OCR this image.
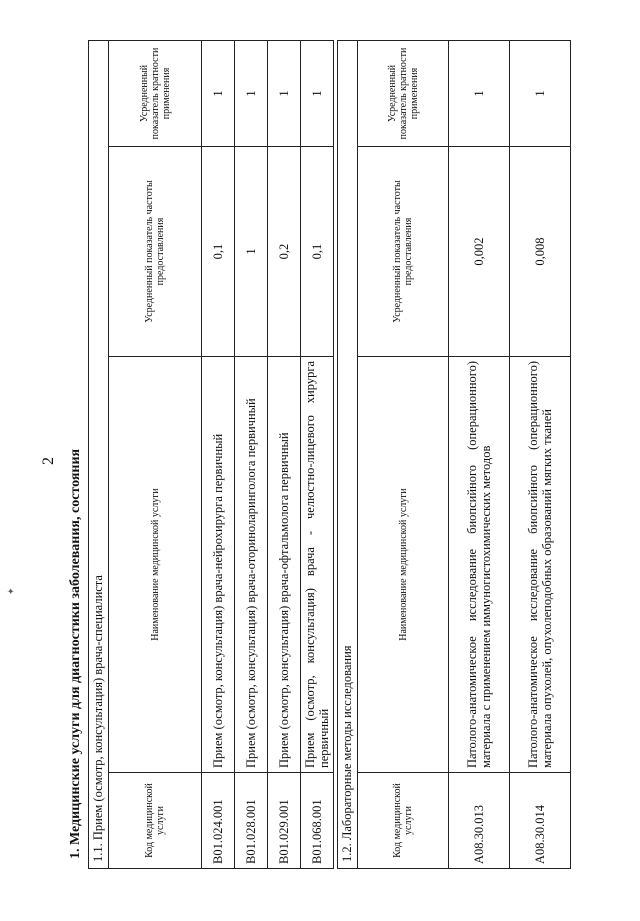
✦
2 1. Медицинские услуги для диагностики заболевания, состояния 1.1. Прием (осмотр, консультация) врача-специалиста			
Код медицинской услуги	Наименование медицинской услуги	Усредненный показатель частоты предоставления	Усредненный показатель кратности применения
B01.024.001	Прием (осмотр, консультация) врача-нейрохирурга первичный	0,1	1
B01.028.001	Прием (осмотр, консультация) врача-оториноларинголога первичный	1	1
B01.029.001	Прием (осмотр, консультация) врача-офтальмолога первичный	0,2	1
B01.068.001	Прием (осмотр, консультация) врача - челюстно-лицевого хирурга первичный	0,1	1
1.2. Лабораторные методы исследования			
Код медицинской услуги	Наименование медицинской услуги	Усредненный показатель частоты предоставления	Усредненный показатель кратности применения
A08.30.013	Патолого-анатомическое исследование биопсийного (операционного) материала с применением иммуногистохимических методов	0,002	1
A08.30.014	Патолого-анатомическое исследование биопсийного (операционного) материала опухолей, опухолеподобных образований мягких тканей	0,008	1
